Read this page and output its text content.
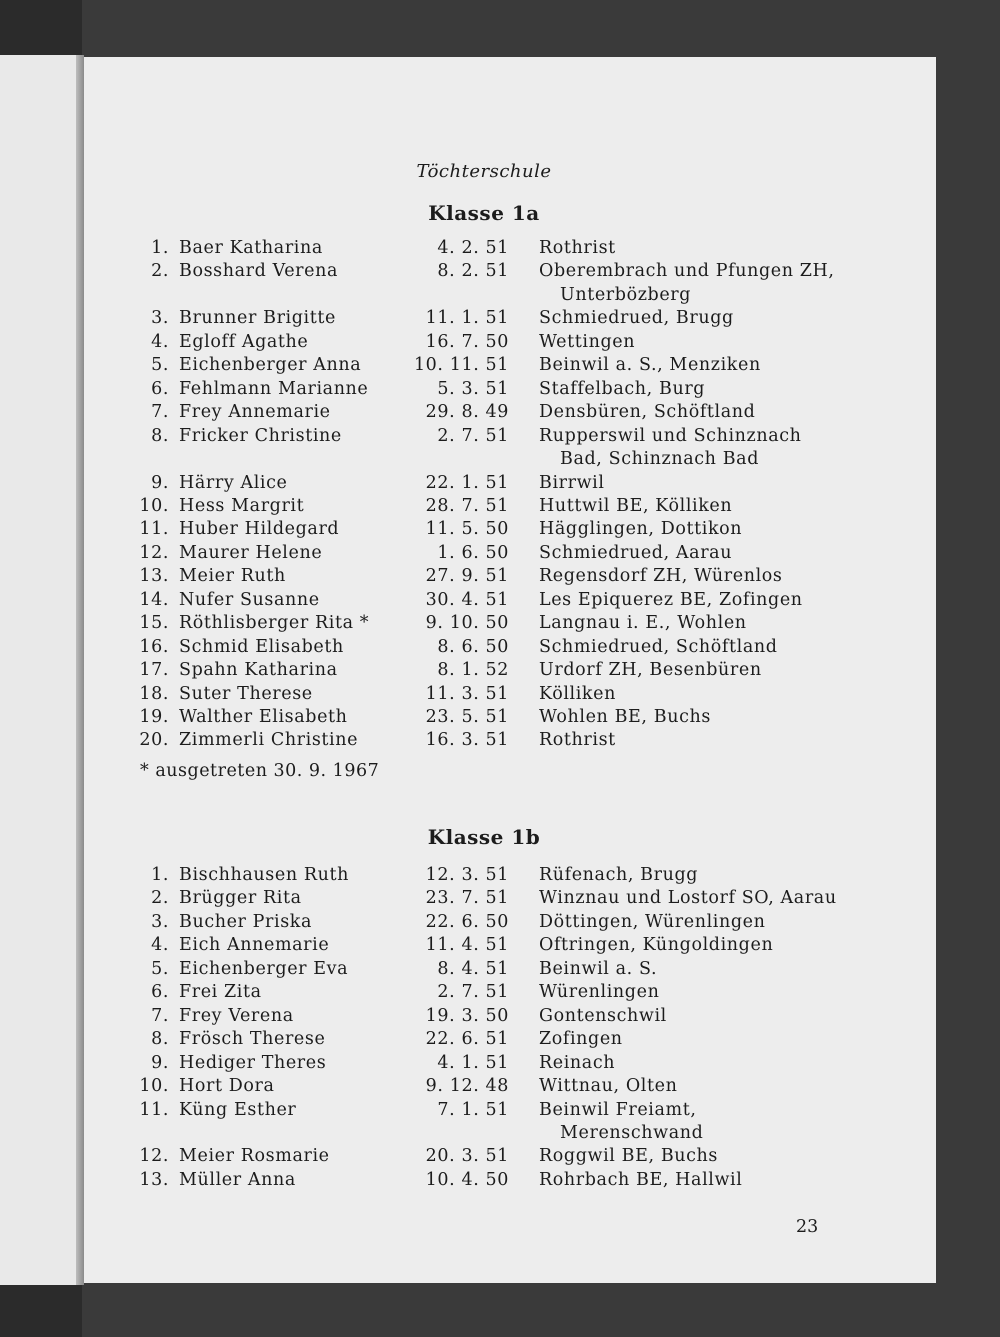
Töchterschule
Klasse 1a
1. Baer Katharina	4. 2. 51 Rothrist
2. Bosshard Verena	8. 2. 51 Oberembrach und Pfungen ZH,
Unterbözberg
3. Brunner Brigitte	11. 1. 51 Schmiedrued, Brugg
4. Egloff Agathe	16. 7. 50 Wettingen
5. Eichenberger Anna	10. 11. 51 Beinwil a. S., Menziken
6. Fehlmann Marianne	5. 3. 51 Staffelbach, Burg
7. Frey Annemarie	29. 8. 49 Densbüren, Schöftland
8. Fricker Christine	2. 7. 51 Rupperswil und Schinznach
Bad, Schinznach Bad
9. Härry Alice	22. 1. 51 Birrwil
10. Hess Margrit	28. 7. 51 Huttwil BE, Kölliken
11. Huber Hildegard	11. 5. 50 Hägglingen, Dottikon
12. Maurer Helene	1. 6. 50 Schmiedrued, Aarau
13. Meier Ruth	27. 9. 51 Regensdorf ZH, Würenlos
14. Nufer Susanne	30. 4. 51 Les Epiquerez BE, Zofingen
15. Röthlisberger Rita *	9. 10. 50 Langnau i. E., Wohlen
16. Schmid Elisabeth	8. 6. 50 Schmiedrued, Schöftland
17. Spahn Katharina	8. 1. 52 Urdorf ZH, Besenbüren
18. Suter Therese	11. 3. 51 Kölliken
19. Walther Elisabeth	23. 5. 51 Wohlen BE, Buchs
20. Zimmerli Christine	16. 3. 51 Rothrist
Klasse 1b
1. Bischhausen Ruth	12. 3. 51 Rüfenach, Brugg
2. Brügger Rita	23. 7. 51 Winznau und Lostorf SO, Aarau
3. Bucher Priska	22. 6. 50 Döttingen, Würenlingen
4. Eich Annemarie	11. 4. 51 Oftringen, Küngoldingen
5. Eichenberger Eva	8. 4. 51 Beinwil a. S.
6. Frei Zita	2. 7. 51 Würenlingen
7. Frey Verena	19. 3. 50 Gontenschwil
8. Frösch Therese	22. 6. 51 Zofingen
9. Hediger Theres	4. 1. 51 Reinach
10. Hort Dora	9. 12. 48 Wittnau, Olten
11. Küng Esther	7. 1. 51 Beinwil Freiamt,
Merenschwand
12. Meier Rosmarie	20. 3. 51 Roggwil BE, Buchs
13. Müller Anna	10. 4. 50 Rohrbach BE, Hallwil
* ausgetreten 30. 9. 1967
23
